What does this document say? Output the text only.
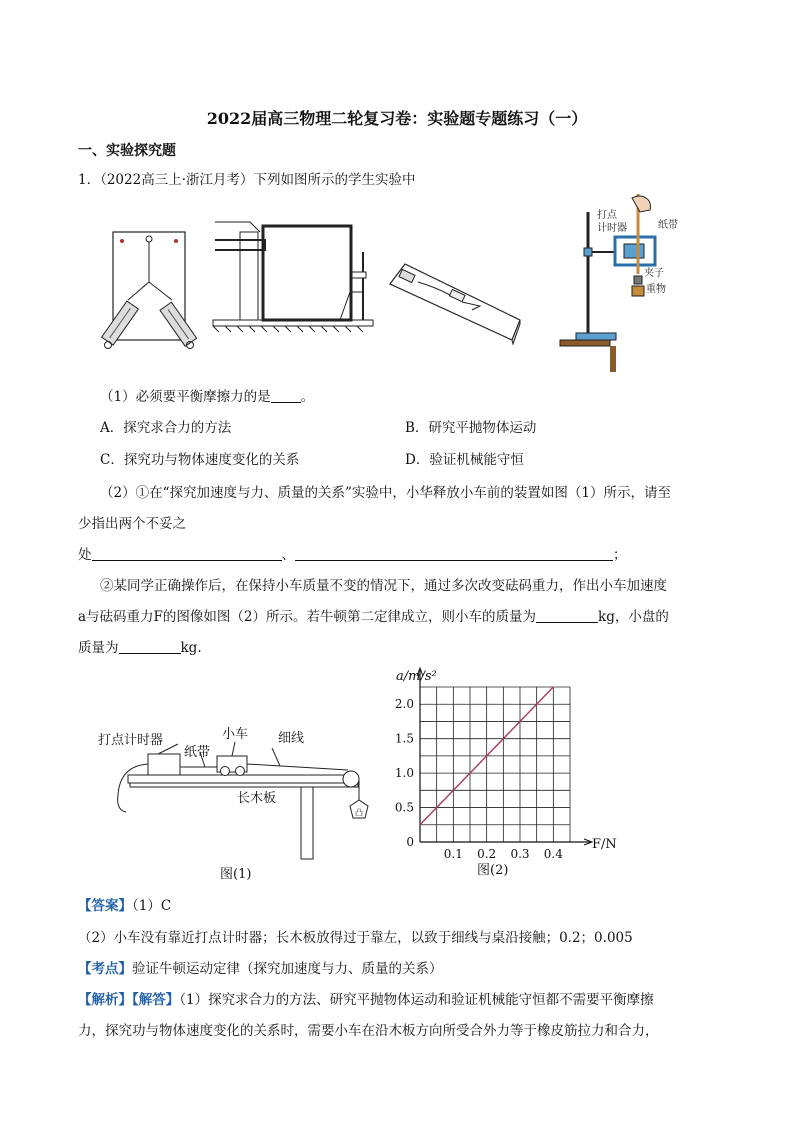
2022届高三物理二轮复习卷：实验题专题练习（一）
一、实验探究题
1．（2022高三上·浙江月考）下列如图所示的学生实验中
打点
计时器	纸带
夹子
重物
（1）必须要平衡摩擦力的是 。
A．探究求合力的方法	B．研究平抛物体运动
C．探究功与物体速度变化的关系	D．验证机械能守恒
（2）①在“探究加速度与力、质量的关系”实验中，小华释放小车前的装置如图（1）所示，请至
少指出两个不妥之
处	、	；
②某同学正确操作后，在保持小车质量不变的情况下，通过多次改变砝码重力，作出小车加速度
a与砝码重力F的图像如图（2）所示。若牛顿第二定律成立，则小车的质量为	kg，小盘的
质量为	kg.
凸
打点计时器
纸带
小车 细线
长木板
图(1)
0.1 0.2 0.3 0.4
0
0.5
1.0
1.5
2.0
a/m/s²
F/N
图(2)
【答案】（1）C
（2）小车没有靠近打点计时器；长木板放得过于靠左，以致于细线与桌沿接触；0.2；0.005
【考点】验证牛顿运动定律（探究加速度与力、质量的关系）
【解析】【解答】（1）探究求合力的方法、研究平抛物体运动和验证机械能守恒都不需要平衡摩擦
力，探究功与物体速度变化的关系时，需要小车在沿木板方向所受合外力等于橡皮筋拉力和合力，
